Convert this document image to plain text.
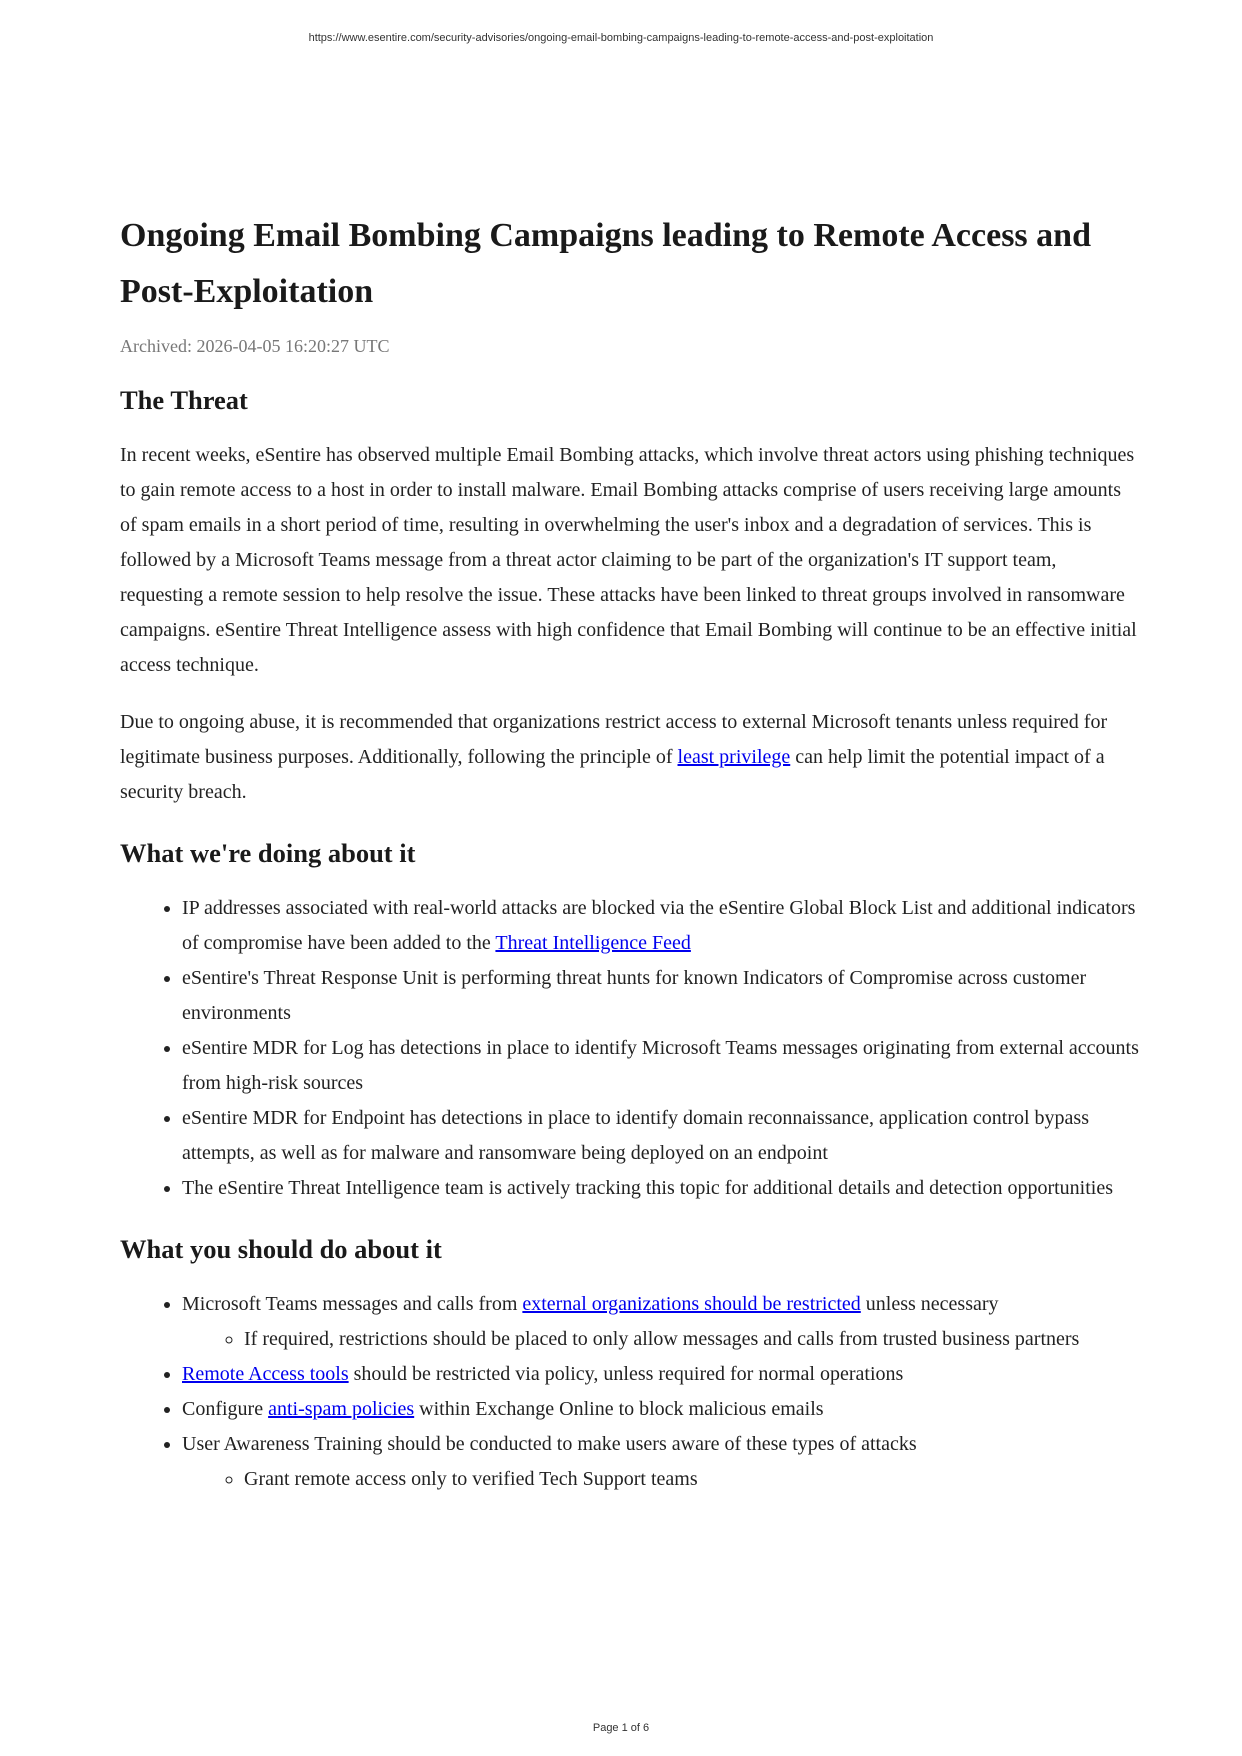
https://www.esentire.com/security-advisories/ongoing-email-bombing-campaigns-leading-to-remote-access-and-post-exploitation
Ongoing Email Bombing Campaigns leading to Remote Access and Post-Exploitation
Archived: 2026-04-05 16:20:27 UTC
The Threat

In recent weeks, eSentire has observed multiple Email Bombing attacks, which involve threat actors using phishing techniques to gain remote access to a host in order to install malware. Email Bombing attacks comprise of users receiving large amounts of spam emails in a short period of time, resulting in overwhelming the user's inbox and a degradation of services. This is followed by a Microsoft Teams message from a threat actor claiming to be part of the organization's IT support team, requesting a remote session to help resolve the issue. These attacks have been linked to threat groups involved in ransomware campaigns. eSentire Threat Intelligence assess with high confidence that Email Bombing will continue to be an effective initial access technique.

Due to ongoing abuse, it is recommended that organizations restrict access to external Microsoft tenants unless required for legitimate business purposes. Additionally, following the principle of least privilege can help limit the potential impact of a security breach.

What we're doing about it
• IP addresses associated with real-world attacks are blocked via the eSentire Global Block List and additional indicators of compromise have been added to the Threat Intelligence Feed
• eSentire's Threat Response Unit is performing threat hunts for known Indicators of Compromise across customer environments
• eSentire MDR for Log has detections in place to identify Microsoft Teams messages originating from external accounts from high-risk sources
• eSentire MDR for Endpoint has detections in place to identify domain reconnaissance, application control bypass attempts, as well as for malware and ransomware being deployed on an endpoint
• The eSentire Threat Intelligence team is actively tracking this topic for additional details and detection opportunities
What you should do about it
• Microsoft Teams messages and calls from external organizations should be restricted unless necessary
◦ If required, restrictions should be placed to only allow messages and calls from trusted business partners
• Remote Access tools should be restricted via policy, unless required for normal operations
• Configure anti-spam policies within Exchange Online to block malicious emails
• User Awareness Training should be conducted to make users aware of these types of attacks
◦ Grant remote access only to verified Tech Support teams
Page 1 of 6
